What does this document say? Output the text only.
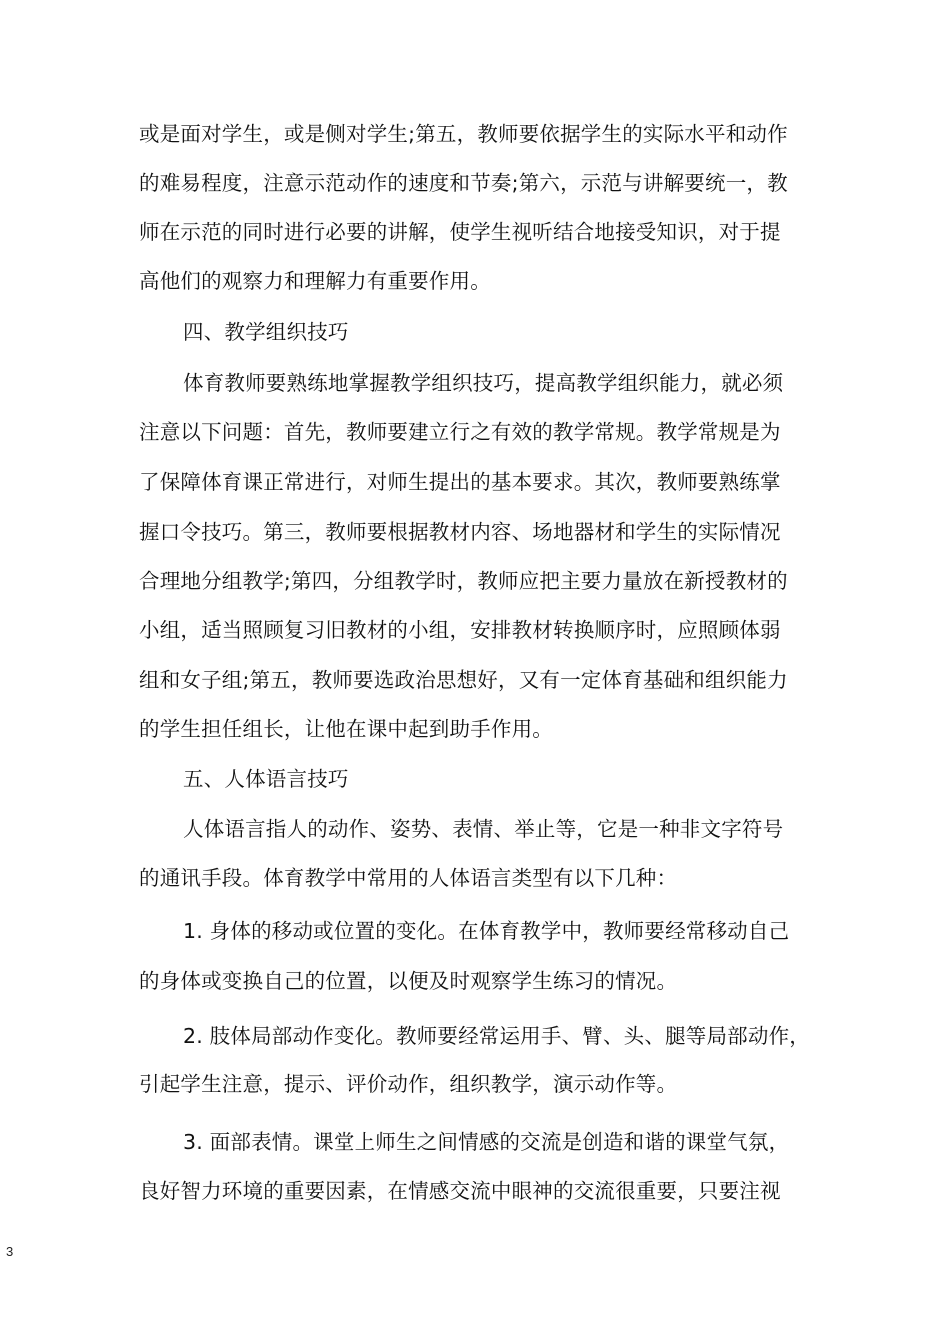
或是面对学生，或是侧对学生;第五，教师要依据学生的实际水平和动作
的难易程度，注意示范动作的速度和节奏;第六，示范与讲解要统一，教
师在示范的同时进行必要的讲解，使学生视听结合地接受知识，对于提
高他们的观察力和理解力有重要作用。
四、教学组织技巧
体育教师要熟练地掌握教学组织技巧，提高教学组织能力，就必须
注意以下问题：首先，教师要建立行之有效的教学常规。教学常规是为
了保障体育课正常进行，对师生提出的基本要求。其次，教师要熟练掌
握口令技巧。第三，教师要根据教材内容、场地器材和学生的实际情况
合理地分组教学;第四，分组教学时，教师应把主要力量放在新授教材的
小组，适当照顾复习旧教材的小组，安排教材转换顺序时，应照顾体弱
组和女子组;第五，教师要选政治思想好，又有一定体育基础和组织能力
的学生担任组长，让他在课中起到助手作用。
五、人体语言技巧
人体语言指人的动作、姿势、表情、举止等，它是一种非文字符号
的通讯手段。体育教学中常用的人体语言类型有以下几种：
1. 身体的移动或位置的变化。在体育教学中，教师要经常移动自己
的身体或变换自己的位置，以便及时观察学生练习的情况。
2. 肢体局部动作变化。教师要经常运用手、臂、头、腿等局部动作，
引起学生注意，提示、评价动作，组织教学，演示动作等。
3. 面部表情。课堂上师生之间情感的交流是创造和谐的课堂气氛，
良好智力环境的重要因素，在情感交流中眼神的交流很重要，只要注视
3
